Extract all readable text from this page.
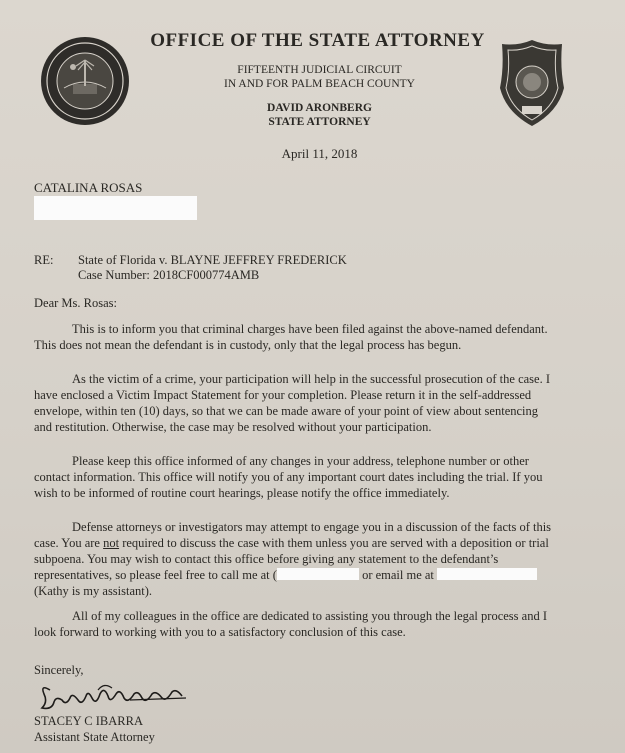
OFFICE OF THE STATE ATTORNEY
FIFTEENTH JUDICIAL CIRCUIT
IN AND FOR PALM BEACH COUNTY
DAVID ARONBERG
STATE ATTORNEY
April 11, 2018
CATALINA ROSAS
RE: State of Florida v. BLAYNE JEFFREY FREDERICK
Case Number: 2018CF000774AMB
Dear Ms. Rosas:
This is to inform you that criminal charges have been filed against the above-named defendant.
This does not mean the defendant is in custody, only that the legal process has begun.
As the victim of a crime, your participation will help in the successful prosecution of the case. I
have enclosed a Victim Impact Statement for your completion. Please return it in the self-addressed
envelope, within ten (10) days, so that we can be made aware of your point of view about sentencing
and restitution. Otherwise, the case may be resolved without your participation.
Please keep this office informed of any changes in your address, telephone number or other
contact information. This office will notify you of any important court dates including the trial. If you
wish to be informed of routine court hearings, please notify the office immediately.
Defense attorneys or investigators may attempt to engage you in a discussion of the facts of this
case. You are not required to discuss the case with them unless you are served with a deposition or trial
subpoena. You may wish to contact this office before giving any statement to the defendant’s
representatives, so please feel free to call me at (	or email me at
(Kathy is my assistant).
All of my colleagues in the office are dedicated to assisting you through the legal process and I
look forward to working with you to a satisfactory conclusion of this case.
Sincerely,
STACEY C IBARRA
Assistant State Attorney
